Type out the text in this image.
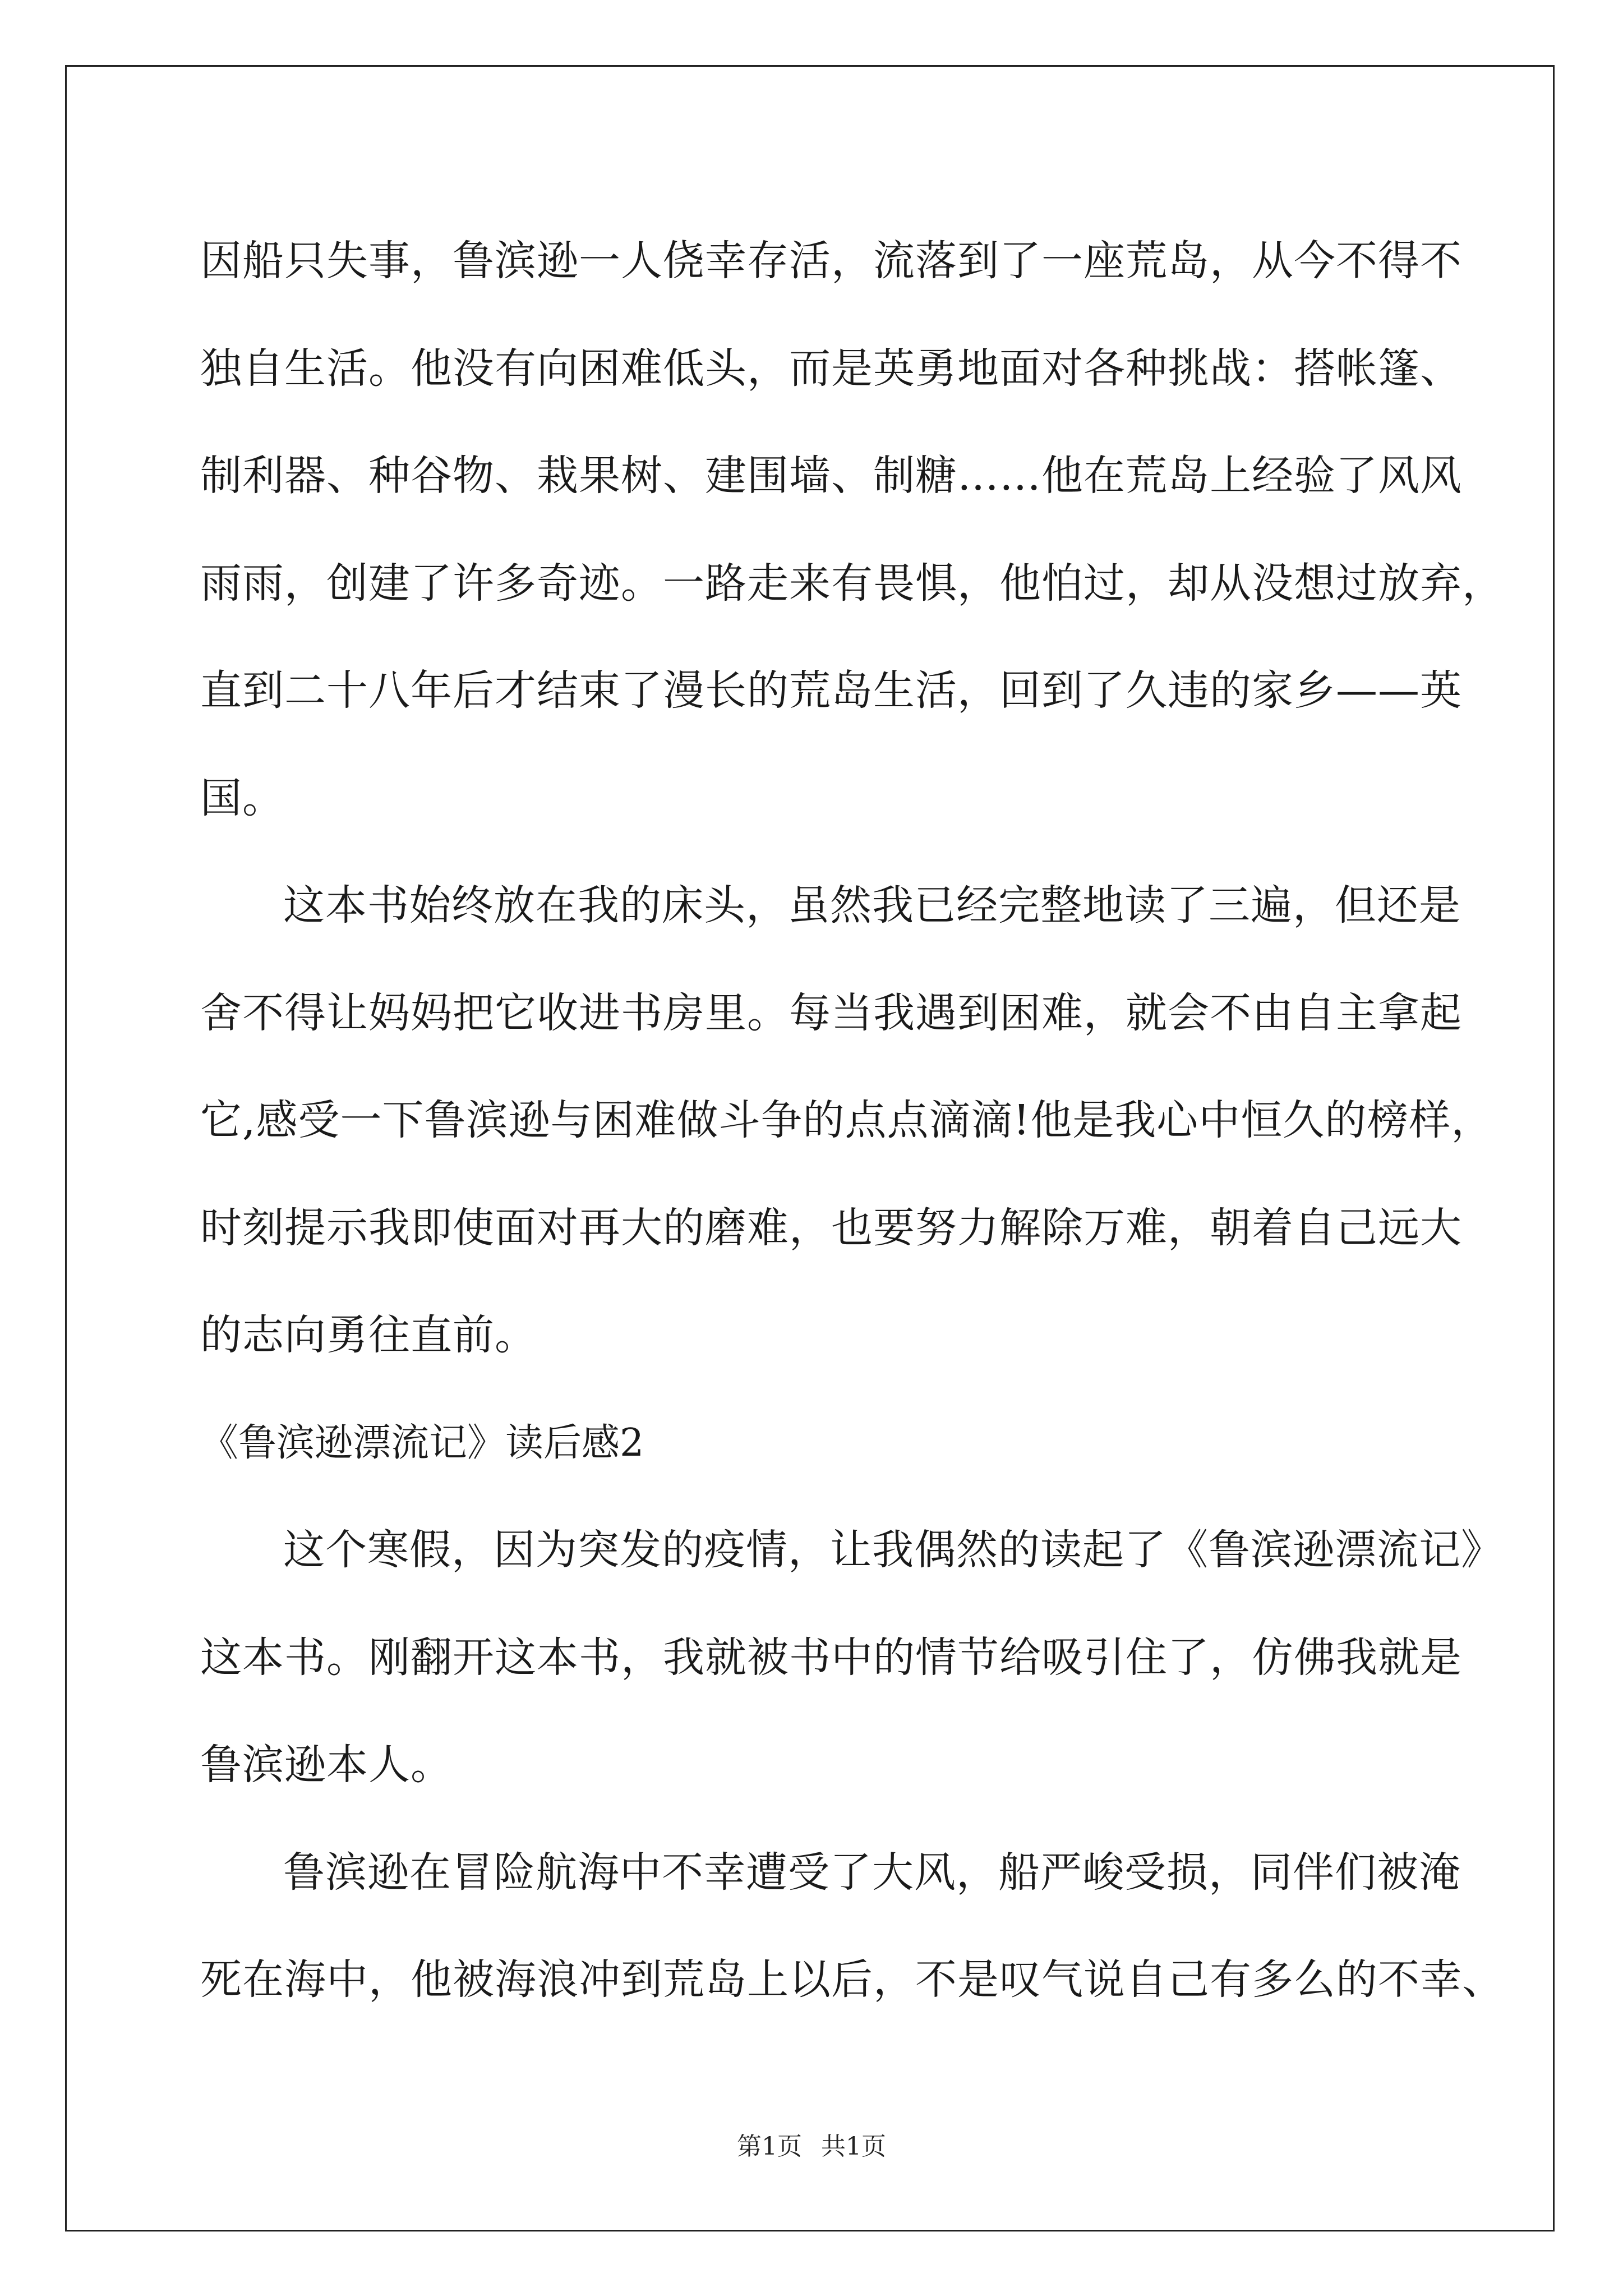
因船只失事，鲁滨逊一人侥幸存活，流落到了一座荒岛，从今不得不
独自生活。他没有向困难低头，而是英勇地面对各种挑战：搭帐篷、
制利器、种谷物、栽果树、建围墙、制糖……他在荒岛上经验了风风
雨雨，创建了许多奇迹。一路走来有畏惧，他怕过，却从没想过放弃，
直到二十八年后才结束了漫长的荒岛生活，回到了久违的家乡——英
国。
这本书始终放在我的床头，虽然我已经完整地读了三遍，但还是
舍不得让妈妈把它收进书房里。每当我遇到困难，就会不由自主拿起
它,感受一下鲁滨逊与困难做斗争的点点滴滴!他是我心中恒久的榜样，
时刻提示我即使面对再大的磨难，也要努力解除万难，朝着自己远大
的志向勇往直前。
《鲁滨逊漂流记》读后感2
这个寒假，因为突发的疫情，让我偶然的读起了《鲁滨逊漂流记》
这本书。刚翻开这本书，我就被书中的情节给吸引住了，仿佛我就是
鲁滨逊本人。
鲁滨逊在冒险航海中不幸遭受了大风，船严峻受损，同伴们被淹
死在海中，他被海浪冲到荒岛上以后，不是叹气说自己有多么的不幸、
第1页 共1页
